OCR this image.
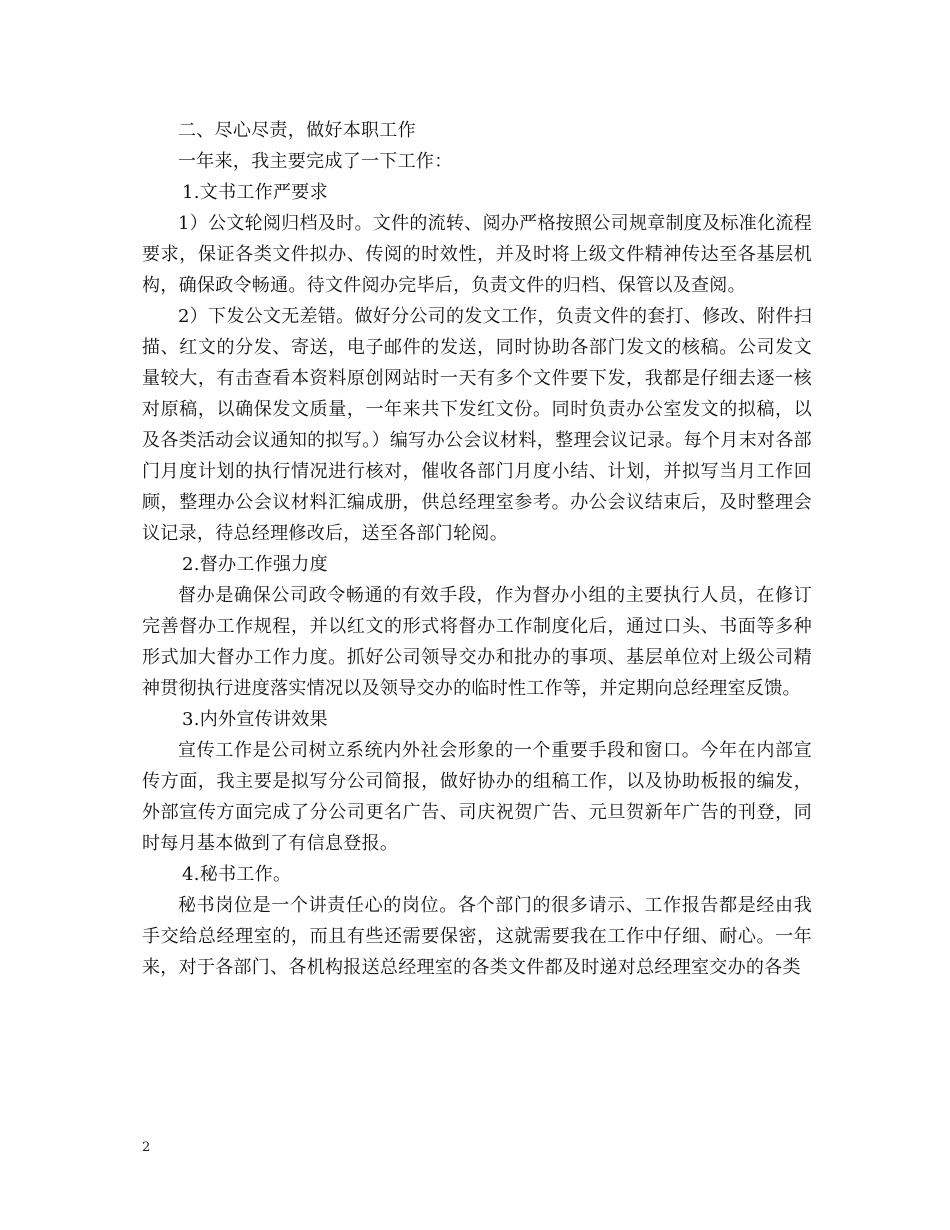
二、尽心尽责，做好本职工作

一年来，我主要完成了一下工作：

1.文书工作严要求

1）公文轮阅归档及时。文件的流转、阅办严格按照公司规章制度及标准化流程要求，保证各类文件拟办、传阅的时效性，并及时将上级文件精神传达至各基层机构，确保政令畅通。待文件阅办完毕后，负责文件的归档、保管以及查阅。

2）下发公文无差错。做好分公司的发文工作，负责文件的套打、修改、附件扫描、红文的分发、寄送，电子邮件的发送，同时协助各部门发文的核稿。公司发文量较大，有击查看本资料原创网站时一天有多个文件要下发，我都是仔细去逐一核对原稿，以确保发文质量，一年来共下发红文份。同时负责办公室发文的拟稿，以及各类活动会议通知的拟写。）编写办公会议材料，整理会议记录。每个月末对各部门月度计划的执行情况进行核对，催收各部门月度小结、计划，并拟写当月工作回顾，整理办公会议材料汇编成册，供总经理室参考。办公会议结束后，及时整理会议记录，待总经理修改后，送至各部门轮阅。

2.督办工作强力度

督办是确保公司政令畅通的有效手段，作为督办小组的主要执行人员，在修订完善督办工作规程，并以红文的形式将督办工作制度化后，通过口头、书面等多种形式加大督办工作力度。抓好公司领导交办和批办的事项、基层单位对上级公司精神贯彻执行进度落实情况以及领导交办的临时性工作等，并定期向总经理室反馈。

3.内外宣传讲效果

宣传工作是公司树立系统内外社会形象的一个重要手段和窗口。今年在内部宣传方面，我主要是拟写分公司简报，做好协办的组稿工作，以及协助板报的编发，外部宣传方面完成了分公司更名广告、司庆祝贺广告、元旦贺新年广告的刊登，同时每月基本做到了有信息登报。

4.秘书工作。

秘书岗位是一个讲责任心的岗位。各个部门的很多请示、工作报告都是经由我手交给总经理室的，而且有些还需要保密，这就需要我在工作中仔细、耐心。一年来，对于各部门、各机构报送总经理室的各类文件都及时递对总经理室交办的各类

2
